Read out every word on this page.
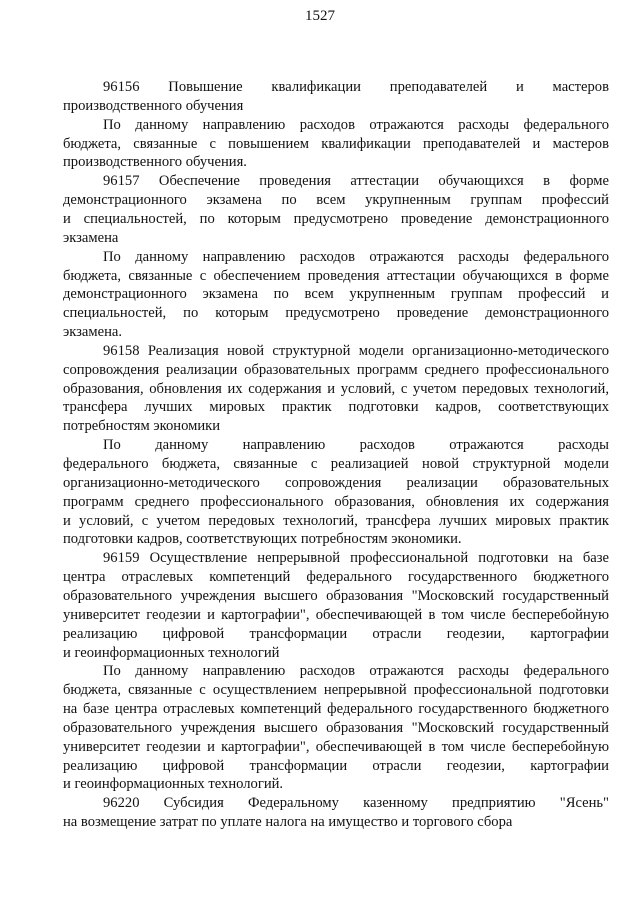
1527
96156 Повышение квалификации преподавателей и мастеров
производственного обучения
По данному направлению расходов отражаются расходы федерального
бюджета, связанные с повышением квалификации преподавателей и мастеров
производственного обучения.
96157 Обеспечение проведения аттестации обучающихся в форме
демонстрационного экзамена по всем укрупненным группам профессий
и специальностей, по которым предусмотрено проведение демонстрационного
экзамена
По данному направлению расходов отражаются расходы федерального
бюджета, связанные с обеспечением проведения аттестации обучающихся в форме
демонстрационного экзамена по всем укрупненным группам профессий и
специальностей, по которым предусмотрено проведение демонстрационного
экзамена.
96158 Реализация новой структурной модели организационно-методического
сопровождения реализации образовательных программ среднего профессионального
образования, обновления их содержания и условий, с учетом передовых технологий,
трансфера лучших мировых практик подготовки кадров, соответствующих
потребностям экономики
По данному направлению расходов отражаются расходы
федерального бюджета, связанные с реализацией новой структурной модели
организационно-методического сопровождения реализации образовательных
программ среднего профессионального образования, обновления их содержания
и условий, с учетом передовых технологий, трансфера лучших мировых практик
подготовки кадров, соответствующих потребностям экономики.
96159 Осуществление непрерывной профессиональной подготовки на базе
центра отраслевых компетенций федерального государственного бюджетного
образовательного учреждения высшего образования "Московский государственный
университет геодезии и картографии", обеспечивающей в том числе бесперебойную
реализацию цифровой трансформации отрасли геодезии, картографии
и геоинформационных технологий
По данному направлению расходов отражаются расходы федерального
бюджета, связанные с осуществлением непрерывной профессиональной подготовки
на базе центра отраслевых компетенций федерального государственного бюджетного
образовательного учреждения высшего образования "Московский государственный
университет геодезии и картографии", обеспечивающей в том числе бесперебойную
реализацию цифровой трансформации отрасли геодезии, картографии
и геоинформационных технологий.
96220 Субсидия Федеральному казенному предприятию "Ясень"
на возмещение затрат по уплате налога на имущество и торгового сбора
